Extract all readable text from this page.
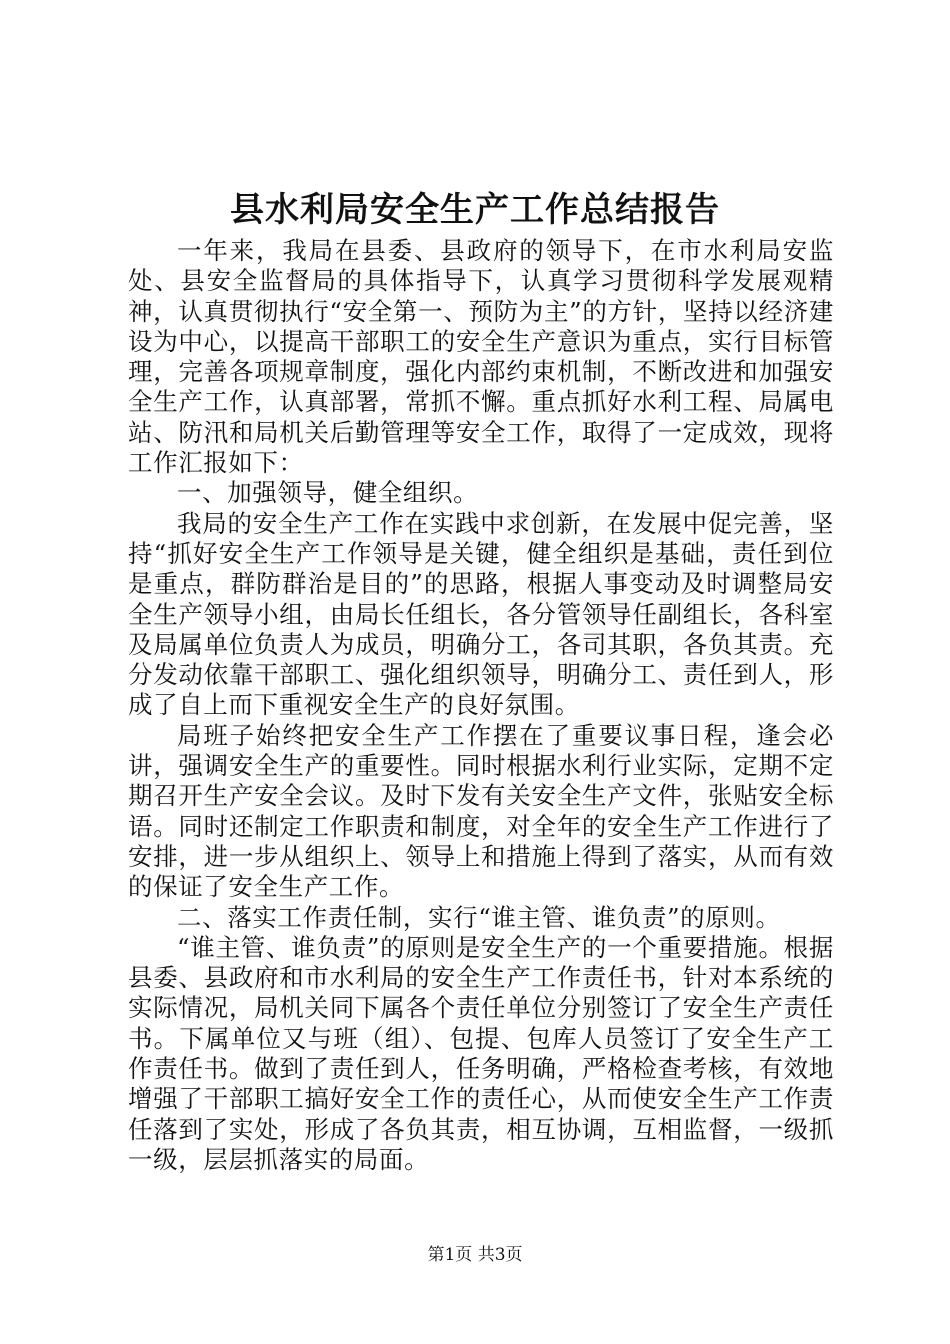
县水利局安全生产工作总结报告

一年来，我局在县委、县政府的领导下，在市水利局安监处、县安全监督局的具体指导下，认真学习贯彻科学发展观精神，认真贯彻执行“安全第一、预防为主”的方针，坚持以经济建设为中心，以提高干部职工的安全生产意识为重点，实行目标管理，完善各项规章制度，强化内部约束机制，不断改进和加强安全生产工作，认真部署，常抓不懈。重点抓好水利工程、局属电站、防汛和局机关后勤管理等安全工作，取得了一定成效，现将工作汇报如下：

一、加强领导，健全组织。

我局的安全生产工作在实践中求创新，在发展中促完善，坚持“抓好安全生产工作领导是关键，健全组织是基础，责任到位是重点，群防群治是目的”的思路，根据人事变动及时调整局安全生产领导小组，由局长任组长，各分管领导任副组长，各科室及局属单位负责人为成员，明确分工，各司其职，各负其责。充分发动依靠干部职工、强化组织领导，明确分工、责任到人，形成了自上而下重视安全生产的良好氛围。

局班子始终把安全生产工作摆在了重要议事日程，逢会必讲，强调安全生产的重要性。同时根据水利行业实际，定期不定期召开生产安全会议。及时下发有关安全生产文件，张贴安全标语。同时还制定工作职责和制度，对全年的安全生产工作进行了安排，进一步从组织上、领导上和措施上得到了落实，从而有效的保证了安全生产工作。

二、落实工作责任制，实行“谁主管、谁负责”的原则。

“谁主管、谁负责”的原则是安全生产的一个重要措施。根据县委、县政府和市水利局的安全生产工作责任书，针对本系统的实际情况，局机关同下属各个责任单位分别签订了安全生产责任书。下属单位又与班（组）、包提、包库人员签订了安全生产工作责任书。做到了责任到人，任务明确，严格检查考核，有效地增强了干部职工搞好安全工作的责任心，从而使安全生产工作责任落到了实处，形成了各负其责，相互协调，互相监督，一级抓一级，层层抓落实的局面。

第1页 共3页
